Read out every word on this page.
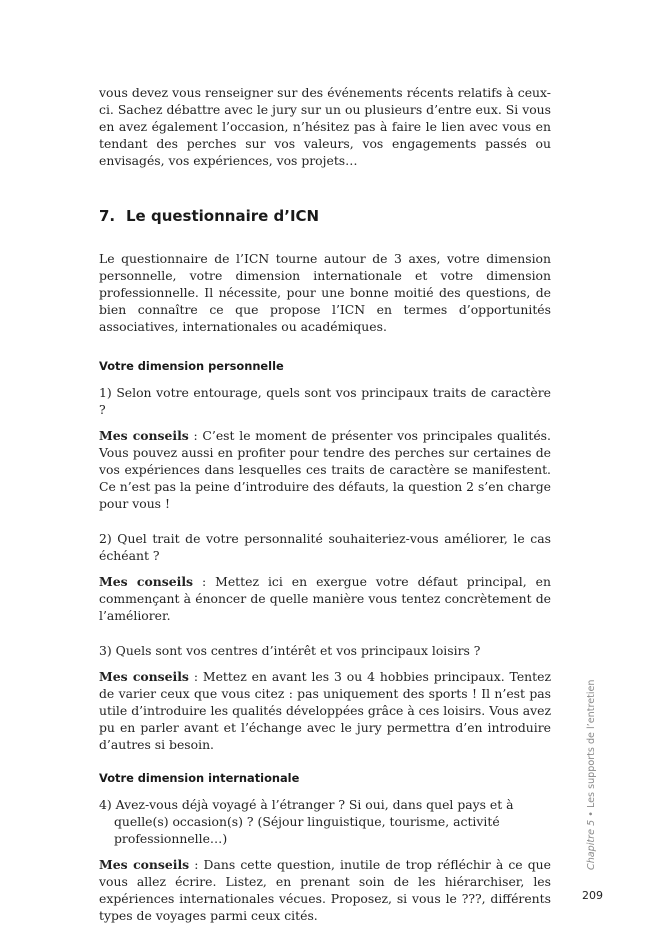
vous devez vous renseigner sur des événements récents relatifs à ceux-ci. Sachez débattre avec le jury sur un ou plusieurs d’entre eux. Si vous en avez également l’occasion, n’hésitez pas à faire le lien avec vous en tendant des perches sur vos valeurs, vos engagements passés ou envisagés, vos expériences, vos projets…

7. Le questionnaire d’ICN

Le questionnaire de l’ICN tourne autour de 3 axes, votre dimension personnelle, votre dimension internationale et votre dimension professionnelle. Il nécessite, pour une bonne moitié des questions, de bien connaître ce que propose l’ICN en termes d’opportunités associatives, internationales ou académiques.

Votre dimension personnelle

1) Selon votre entourage, quels sont vos principaux traits de caractère ?

Mes conseils : C’est le moment de présenter vos principales qualités. Vous pouvez aussi en profiter pour tendre des perches sur certaines de vos expériences dans lesquelles ces traits de caractère se manifestent. Ce n’est pas la peine d’introduire des défauts, la question 2 s’en charge pour vous !

2) Quel trait de votre personnalité souhaiteriez-vous améliorer, le cas échéant ?

Mes conseils : Mettez ici en exergue votre défaut principal, en commençant à énoncer de quelle manière vous tentez concrètement de l’améliorer.

3) Quels sont vos centres d’intérêt et vos principaux loisirs ?

Mes conseils : Mettez en avant les 3 ou 4 hobbies principaux. Tentez de varier ceux que vous citez : pas uniquement des sports ! Il n’est pas utile d’introduire les qualités développées grâce à ces loisirs. Vous avez pu en parler avant et l’échange avec le jury permettra d’en introduire d’autres si besoin.

Votre dimension internationale

4) Avez-vous déjà voyagé à l’étranger ? Si oui, dans quel pays et à quelle(s) occasion(s) ? (Séjour linguistique, tourisme, activité professionnelle…)

Mes conseils : Dans cette question, inutile de trop réfléchir à ce que vous allez écrire. Listez, en prenant soin de les hiérarchiser, les expériences internationales vécues. Proposez, si vous le ???, différents types de voyages parmi ceux cités.

Chapitre 5 • Les supports de l’entretien
209
